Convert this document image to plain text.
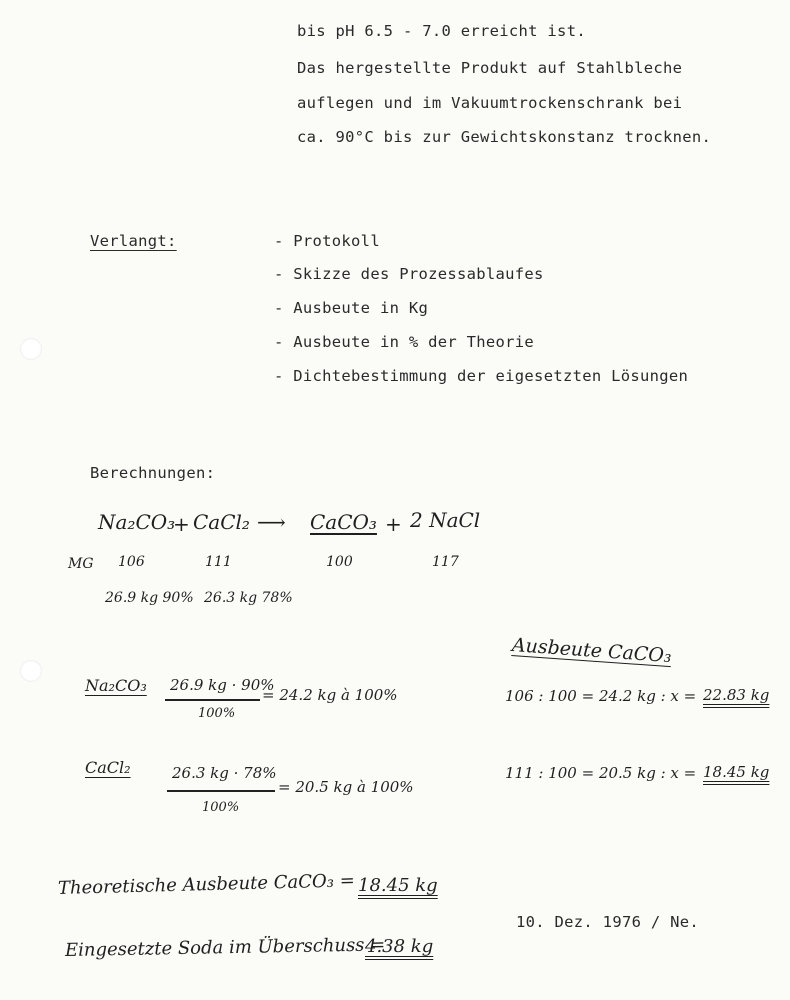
bis pH 6.5 - 7.0 erreicht ist.
Das hergestellte Produkt auf Stahlbleche
auflegen und im Vakuumtrockenschrank bei
ca. 90°C bis zur Gewichtskonstanz trocknen.
Verlangt:	- Protokoll
- Skizze des Prozessablaufes
- Ausbeute in Kg
- Ausbeute in % der Theorie
- Dichtebestimmung der eigesetzten Lösungen
Berechnungen:
Na₂CO₃
+ CaCl₂ ⟶ CaCO₃ + 2 NaCl
MG 106	111	100	117
26.9 kg 90% 26.3 kg 78%
Ausbeute CaCO₃
106 : 100 = 24.2 kg : x = 22.83 kg
111 : 100 = 20.5 kg : x = 18.45 kg
Na₂CO₃ 26.9 kg · 90%
100%
= 24.2 kg à 100%
CaCl₂	26.3 kg · 78%
100%
= 20.5 kg à 100%
Theoretische Ausbeute CaCO₃ = 18.45 kg
Eingesetzte Soda im Überschuss =
4.38 kg
10. Dez. 1976 / Ne.
